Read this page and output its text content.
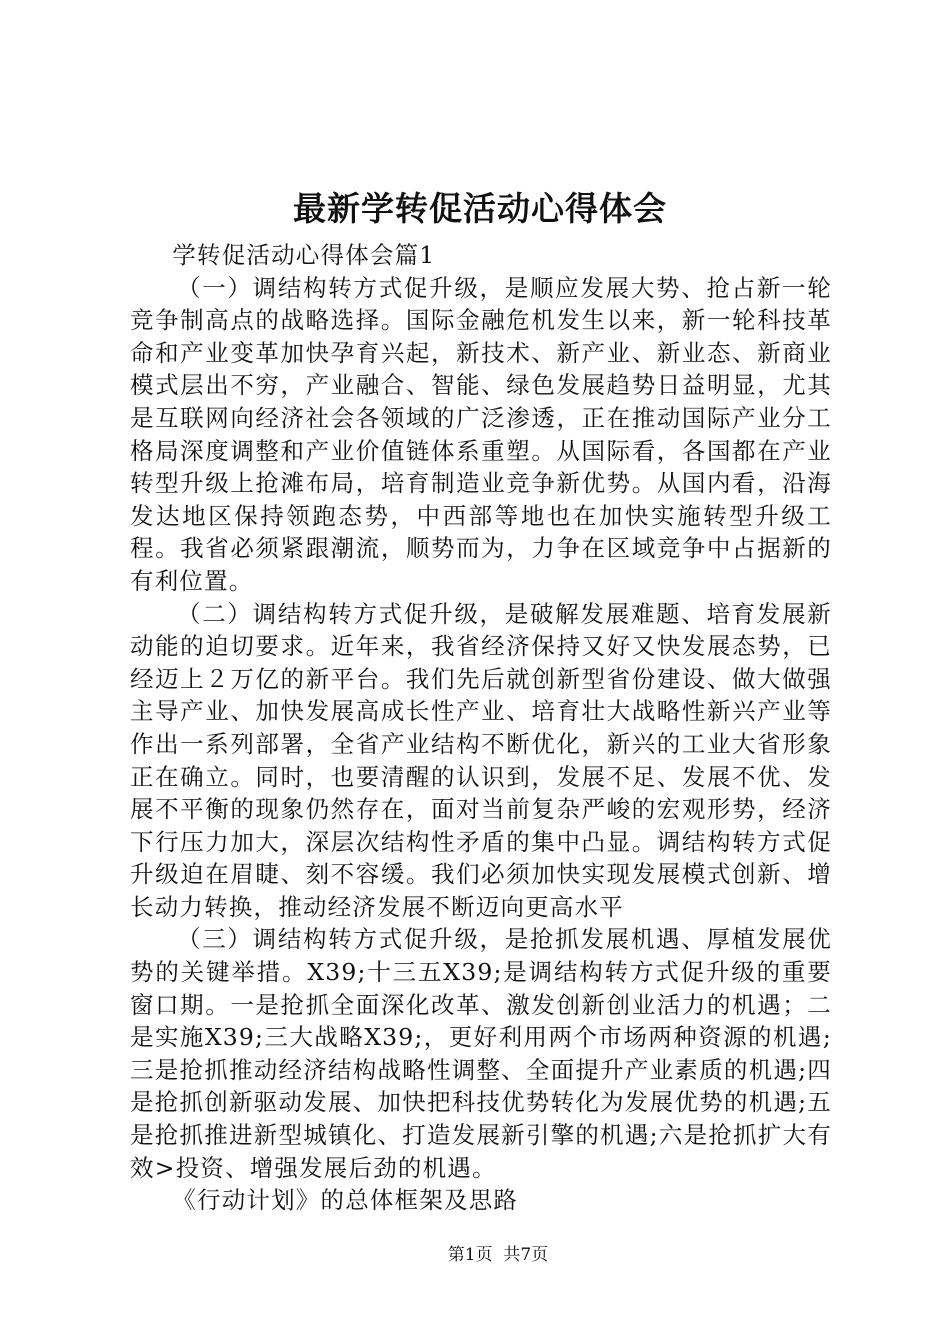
最新学转促活动心得体会

学转促活动心得体会篇1

（一）调结构转方式促升级，是顺应发展大势、抢占新一轮竞争制高点的战略选择。国际金融危机发生以来，新一轮科技革命和产业变革加快孕育兴起，新技术、新产业、新业态、新商业模式层出不穷，产业融合、智能、绿色发展趋势日益明显，尤其是互联网向经济社会各领域的广泛渗透，正在推动国际产业分工格局深度调整和产业价值链体系重塑。从国际看，各国都在产业转型升级上抢滩布局，培育制造业竞争新优势。从国内看，沿海发达地区保持领跑态势，中西部等地也在加快实施转型升级工程。我省必须紧跟潮流，顺势而为，力争在区域竞争中占据新的有利位置。

（二）调结构转方式促升级，是破解发展难题、培育发展新动能的迫切要求。近年来，我省经济保持又好又快发展态势，已经迈上２万亿的新平台。我们先后就创新型省份建设、做大做强主导产业、加快发展高成长性产业、培育壮大战略性新兴产业等作出一系列部署，全省产业结构不断优化，新兴的工业大省形象正在确立。同时，也要清醒的认识到，发展不足、发展不优、发展不平衡的现象仍然存在，面对当前复杂严峻的宏观形势，经济下行压力加大，深层次结构性矛盾的集中凸显。调结构转方式促升级迫在眉睫、刻不容缓。我们必须加快实现发展模式创新、增长动力转换，推动经济发展不断迈向更高水平

（三）调结构转方式促升级，是抢抓发展机遇、厚植发展优势的关键举措。X39;十三五X39;是调结构转方式促升级的重要窗口期。一是抢抓全面深化改革、激发创新创业活力的机遇；二是实施X39;三大战略X39;，更好利用两个市场两种资源的机遇;三是抢抓推动经济结构战略性调整、全面提升产业素质的机遇;四是抢抓创新驱动发展、加快把科技优势转化为发展优势的机遇;五是抢抓推进新型城镇化、打造发展新引擎的机遇;六是抢抓扩大有效>投资、增强发展后劲的机遇。

《行动计划》的总体框架及思路

第1页 共7页
